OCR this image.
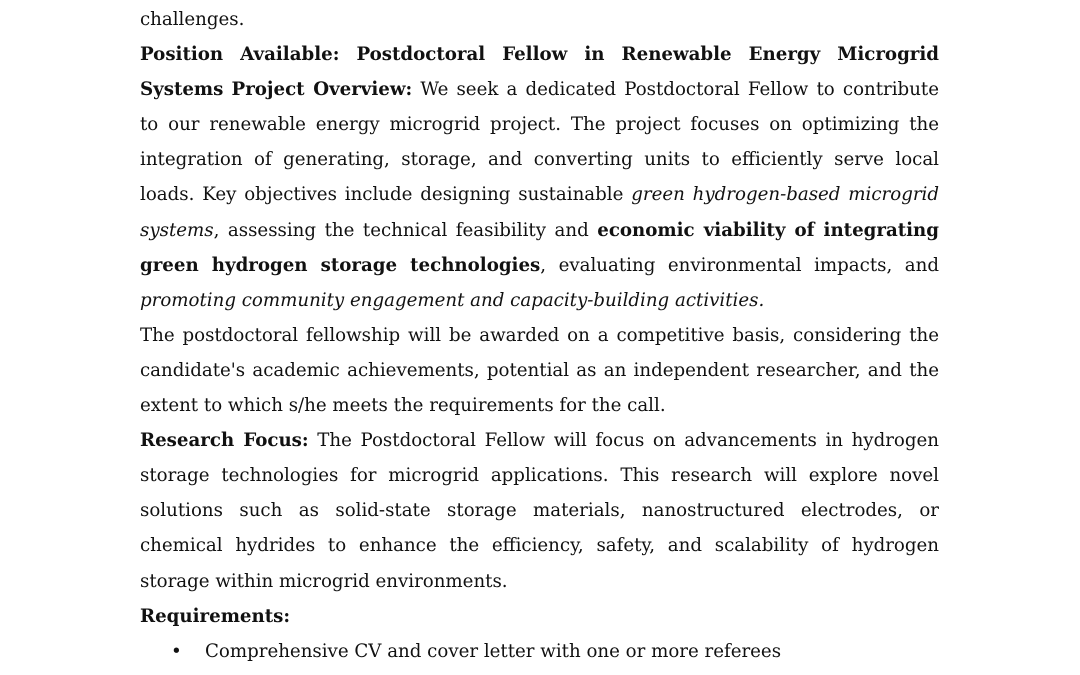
challenges.

Position Available: Postdoctoral Fellow in Renewable Energy Microgrid Systems Project Overview: We seek a dedicated Postdoctoral Fellow to contribute to our renewable energy microgrid project. The project focuses on optimizing the integration of generating, storage, and converting units to efficiently serve local loads. Key objectives include designing sustainable green hydrogen-based microgrid systems, assessing the technical feasibility and economic viability of integrating green hydrogen storage technologies, evaluating environmental impacts, and promoting community engagement and capacity-building activities.

The postdoctoral fellowship will be awarded on a competitive basis, considering the candidate's academic achievements, potential as an independent researcher, and the extent to which s/he meets the requirements for the call.

Research Focus: The Postdoctoral Fellow will focus on advancements in hydrogen storage technologies for microgrid applications. This research will explore novel solutions such as solid-state storage materials, nanostructured electrodes, or chemical hydrides to enhance the efficiency, safety, and scalability of hydrogen storage within microgrid environments.

Requirements:

• Comprehensive CV and cover letter with one or more referees
